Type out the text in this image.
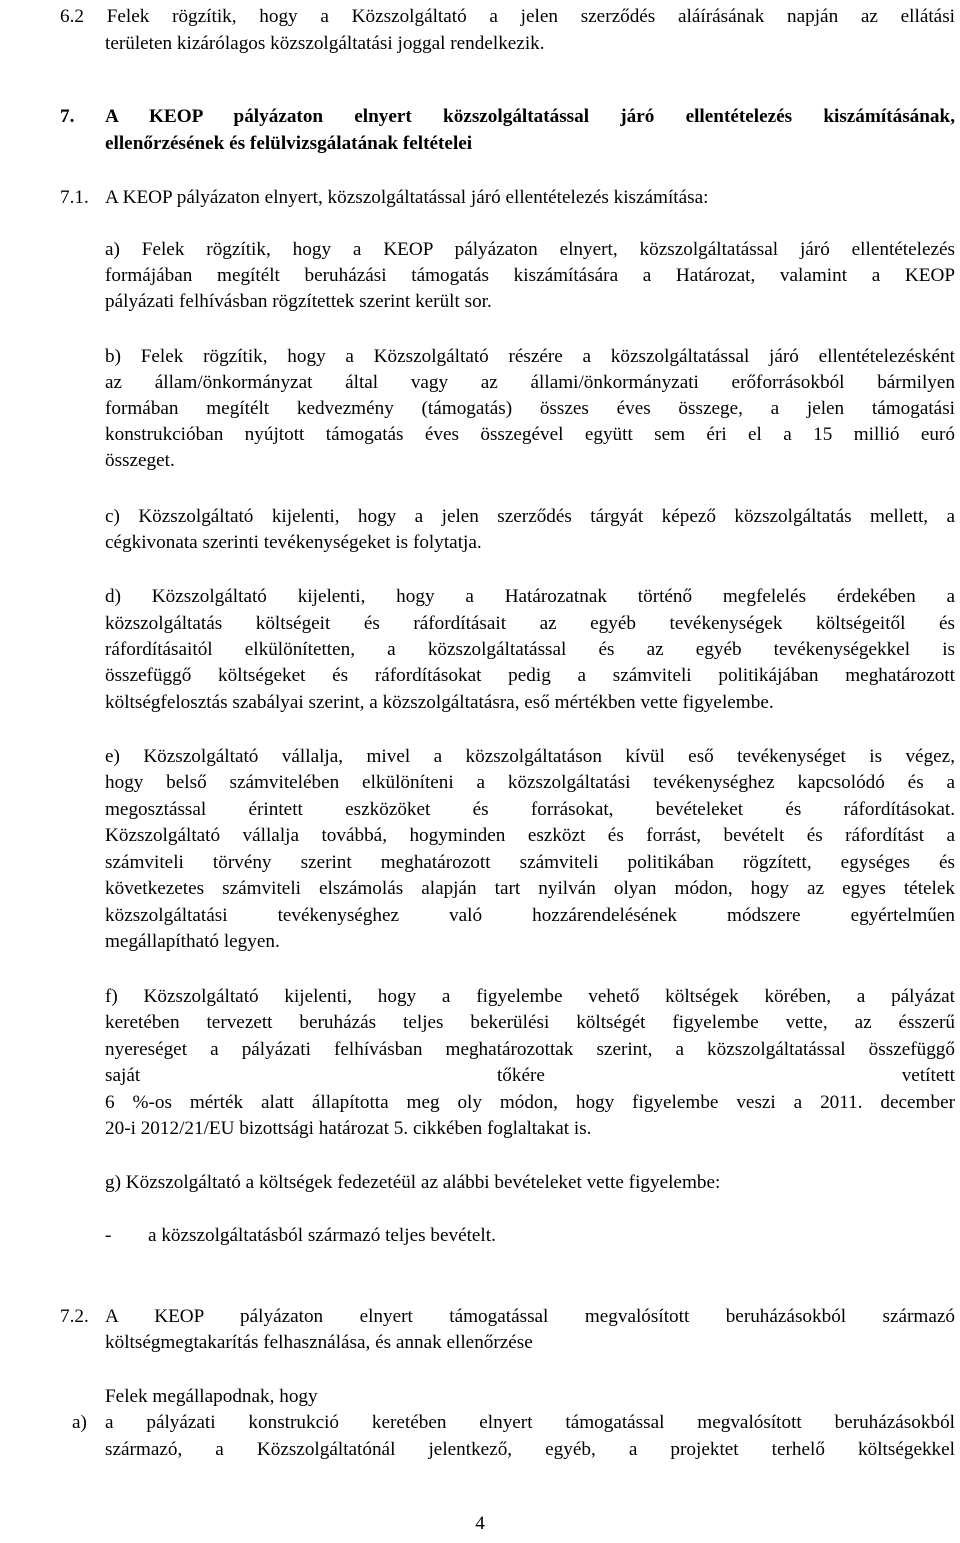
6.2 Felek rögzítik, hogy a Közszolgáltató a jelen szerződés aláírásának napján az ellátási
területen kizárólagos közszolgáltatási joggal rendelkezik.
7. A KEOP pályázaton elnyert közszolgáltatással járó ellentételezés kiszámításának,
ellenőrzésének és felülvizsgálatának feltételei
7.1. A KEOP pályázaton elnyert, közszolgáltatással járó ellentételezés kiszámítása:
a) Felek rögzítik, hogy a KEOP pályázaton elnyert, közszolgáltatással járó ellentételezés
formájában megítélt beruházási támogatás kiszámítására a Határozat, valamint a KEOP
pályázati felhívásban rögzítettek szerint került sor.
b) Felek rögzítik, hogy a Közszolgáltató részére a közszolgáltatással járó ellentételezésként
az állam/önkormányzat által vagy az állami/önkormányzati erőforrásokból bármilyen
formában megítélt kedvezmény (támogatás) összes éves összege, a jelen támogatási
konstrukcióban nyújtott támogatás éves összegével együtt sem éri el a 15 millió euró
összeget.
c) Közszolgáltató kijelenti, hogy a jelen szerződés tárgyát képező közszolgáltatás mellett, a
cégkivonata szerinti tevékenységeket is folytatja.
d) Közszolgáltató kijelenti, hogy a Határozatnak történő megfelelés érdekében a
közszolgáltatás költségeit és ráfordításait az egyéb tevékenységek költségeitől és
ráfordításaitól elkülönítetten, a közszolgáltatással és az egyéb tevékenységekkel is
összefüggő költségeket és ráfordításokat pedig a számviteli politikájában meghatározott
költségfelosztás szabályai szerint, a közszolgáltatásra, eső mértékben vette figyelembe.
e) Közszolgáltató vállalja, mivel a közszolgáltatáson kívül eső tevékenységet is végez,
hogy belső számvitelében elkülöníteni a közszolgáltatási tevékenységhez kapcsolódó és a
megosztással érintett eszközöket és forrásokat, bevételeket és ráfordításokat.
Közszolgáltató vállalja továbbá, hogyminden eszközt és forrást, bevételt és ráfordítást a
számviteli törvény szerint meghatározott számviteli politikában rögzített, egységes és
következetes számviteli elszámolás alapján tart nyilván olyan módon, hogy az egyes tételek
közszolgáltatási tevékenységhez való hozzárendelésének módszere egyértelműen
megállapítható legyen.
f) Közszolgáltató kijelenti, hogy a figyelembe vehető költségek körében, a pályázat
keretében tervezett beruházás teljes bekerülési költségét figyelembe vette, az ésszerű
nyereséget a pályázati felhívásban meghatározottak szerint, a közszolgáltatással összefüggő
saját tőkére vetített
6 %-os mérték alatt állapította meg oly módon, hogy figyelembe veszi a 2011. december
20-i 2012/21/EU bizottsági határozat 5. cikkében foglaltakat is.
g) Közszolgáltató a költségek fedezetéül az alábbi bevételeket vette figyelembe:
- a közszolgáltatásból származó teljes bevételt.
7.2. A KEOP pályázaton elnyert támogatással megvalósított beruházásokból származó
költségmegtakarítás felhasználása, és annak ellenőrzése
Felek megállapodnak, hogy
a) a pályázati konstrukció keretében elnyert támogatással megvalósított beruházásokból
származó, a Közszolgáltatónál jelentkező, egyéb, a projektet terhelő költségekkel
4
